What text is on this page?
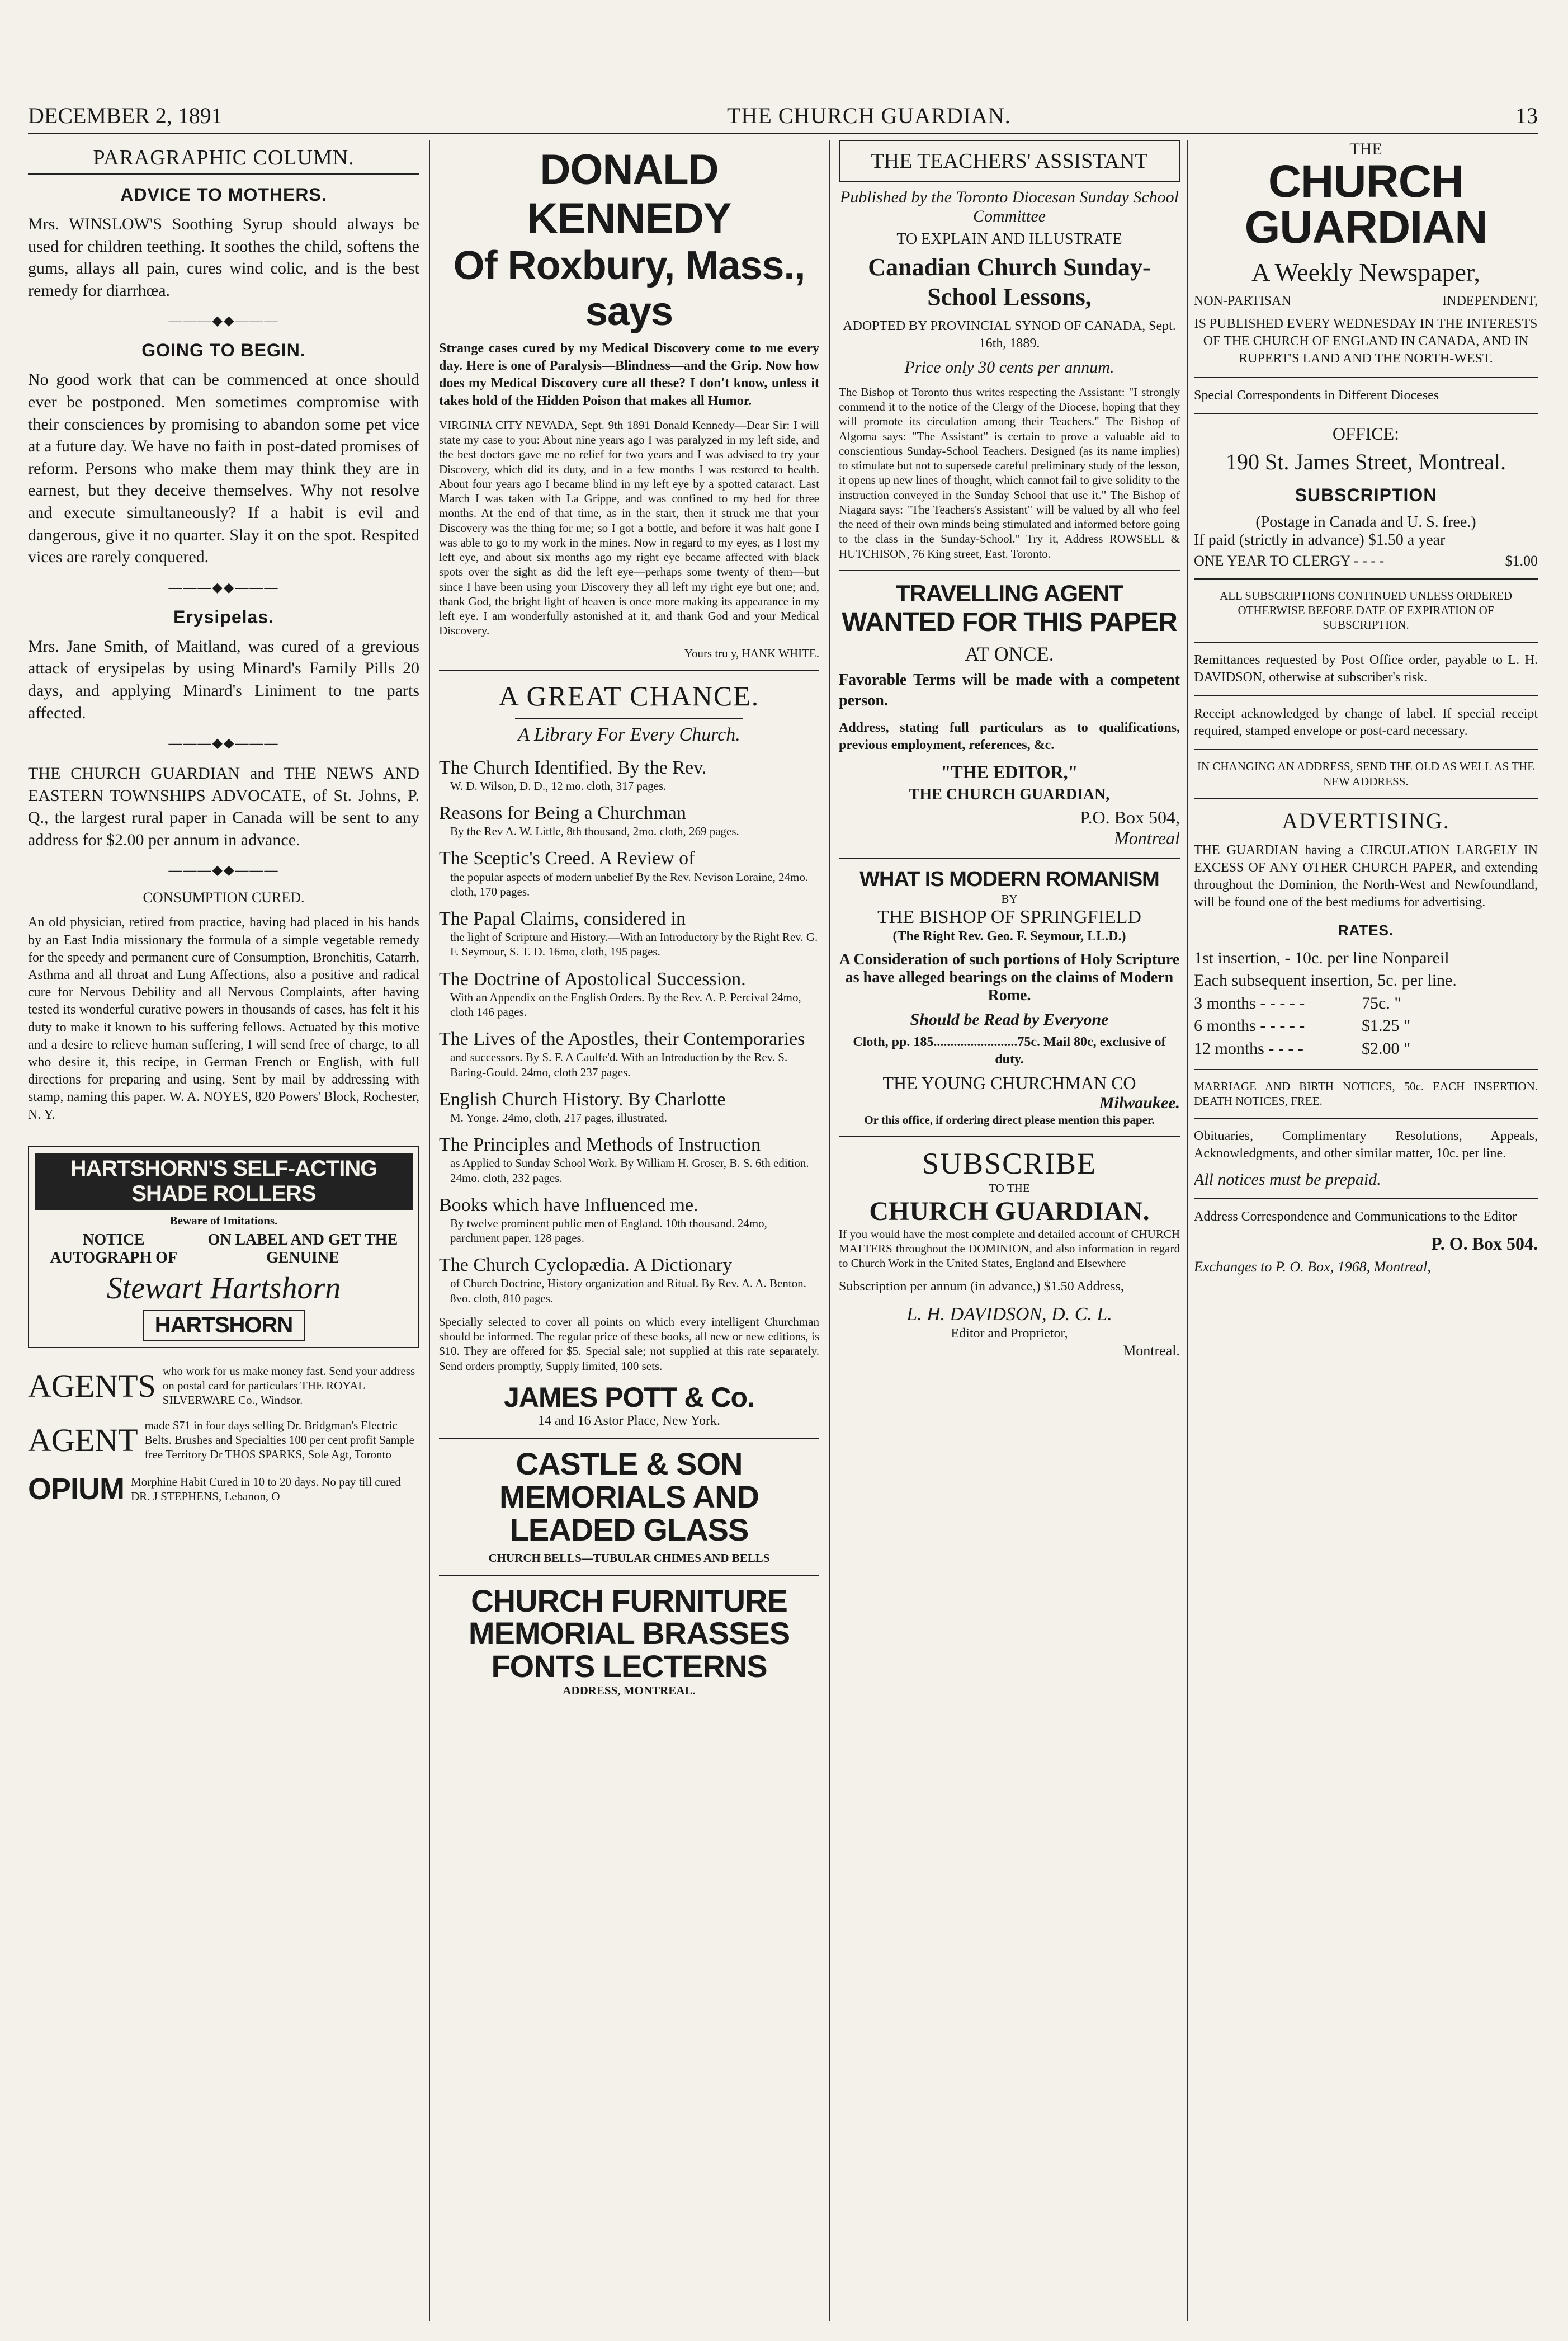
DECEMBER 2, 1891	THE CHURCH GUARDIAN.	13
PARAGRAPHIC COLUMN.
ADVICE TO MOTHERS.

Mrs. WINSLOW'S Soothing Syrup should always be used for children teething. It soothes the child, softens the gums, allays all pain, cures wind colic, and is the best remedy for diarrhœa.

———◆◆———
GOING TO BEGIN.

No good work that can be commenced at once should ever be postponed. Men sometimes compromise with their consciences by promising to abandon some pet vice at a future day. We have no faith in post-dated promises of reform. Persons who make them may think they are in earnest, but they deceive themselves. Why not resolve and execute simultaneously? If a habit is evil and dangerous, give it no quarter. Slay it on the spot. Respited vices are rarely conquered.

———◆◆———
Erysipelas.

Mrs. Jane Smith, of Maitland, was cured of a grevious attack of erysipelas by using Minard's Family Pills 20 days, and applying Minard's Liniment to tne parts affected.

———◆◆———

THE CHURCH GUARDIAN and THE NEWS AND EASTERN TOWNSHIPS ADVOCATE, of St. Johns, P. Q., the largest rural paper in Canada will be sent to any address for $2.00 per annum in advance.

———◆◆———
CONSUMPTION CURED.

An old physician, retired from practice, having had placed in his hands by an East India missionary the formula of a simple vegetable remedy for the speedy and permanent cure of Consumption, Bronchitis, Catarrh, Asthma and all throat and Lung Affections, also a positive and radical cure for Nervous Debility and all Nervous Complaints, after having tested its wonderful curative powers in thousands of cases, has felt it his duty to make it known to his suffering fellows. Actuated by this motive and a desire to relieve human suffering, I will send free of charge, to all who desire it, this recipe, in German French or English, with full directions for preparing and using. Sent by mail by addressing with stamp, naming this paper. W. A. NOYES, 820 Powers' Block, Rochester, N. Y.

HARTSHORN'S SELF-ACTING SHADE ROLLERS
Beware of Imitations.
NOTICE AUTOGRAPH OF
ON LABEL AND GET THE GENUINE
Stewart Hartshorn
HARTSHORN
AGENTS who work for us make money fast. Send your address on postal card for particulars THE ROYAL SILVERWARE Co., Windsor.
AGENT made $71 in four days selling Dr. Bridgman's Electric Belts. Brushes and Specialties 100 per cent profit Sample free Territory Dr THOS SPARKS, Sole Agt, Toronto
OPIUM Morphine Habit Cured in 10 to 20 days. No pay till cured DR. J STEPHENS, Lebanon, O
DONALD KENNEDY
Of Roxbury, Mass., says

Strange cases cured by my Medical Discovery come to me every day. Here is one of Paralysis—Blindness—and the Grip. Now how does my Medical Discovery cure all these? I don't know, unless it takes hold of the Hidden Poison that makes all Humor.

VIRGINIA CITY NEVADA, Sept. 9th 1891 Donald Kennedy—Dear Sir: I will state my case to you: About nine years ago I was paralyzed in my left side, and the best doctors gave me no relief for two years and I was advised to try your Discovery, which did its duty, and in a few months I was restored to health. About four years ago I became blind in my left eye by a spotted cataract. Last March I was taken with La Grippe, and was confined to my bed for three months. At the end of that time, as in the start, then it struck me that your Discovery was the thing for me; so I got a bottle, and before it was half gone I was able to go to my work in the mines. Now in regard to my eyes, as I lost my left eye, and about six months ago my right eye became affected with black spots over the sight as did the left eye—perhaps some twenty of them—but since I have been using your Discovery they all left my right eye but one; and, thank God, the bright light of heaven is once more making its appearance in my left eye. I am wonderfully astonished at it, and thank God and your Medical Discovery.

Yours tru y, HANK WHITE.
A GREAT CHANCE.
A Library For Every Church.
The Church Identified. By the Rev.
W. D. Wilson, D. D., 12 mo. cloth, 317 pages.
Reasons for Being a Churchman
By the Rev A. W. Little, 8th thousand, 2mo. cloth, 269 pages.
The Sceptic's Creed. A Review of
the popular aspects of modern unbelief By the Rev. Nevison Loraine, 24mo. cloth, 170 pages.
The Papal Claims, considered in
the light of Scripture and History.—With an Introductory by the Right Rev. G. F. Seymour, S. T. D. 16mo, cloth, 195 pages.
The Doctrine of Apostolical Succession.
With an Appendix on the English Orders. By the Rev. A. P. Percival 24mo, cloth 146 pages.
The Lives of the Apostles, their Contemporaries
and successors. By S. F. A Caulfe'd. With an Introduction by the Rev. S. Baring-Gould. 24mo, cloth 237 pages.
English Church History. By Charlotte
M. Yonge. 24mo, cloth, 217 pages, illustrated.
The Principles and Methods of Instruction
as Applied to Sunday School Work. By William H. Groser, B. S. 6th edition. 24mo. cloth, 232 pages.
Books which have Influenced me.
By twelve prominent public men of England. 10th thousand. 24mo, parchment paper, 128 pages.
The Church Cyclopædia. A Dictionary
of Church Doctrine, History organization and Ritual. By Rev. A. A. Benton. 8vo. cloth, 810 pages.

Specially selected to cover all points on which every intelligent Churchman should be informed. The regular price of these books, all new or new editions, is $10. They are offered for $5. Special sale; not supplied at this rate separately. Send orders promptly, Supply limited, 100 sets.

JAMES POTT & Co.
14 and 16 Astor Place, New York.
CASTLE & SON MEMORIALS AND LEADED GLASS
CHURCH BELLS—TUBULAR CHIMES AND BELLS
CHURCH FURNITURE MEMORIAL BRASSES FONTS LECTERNS
ADDRESS, MONTREAL.
THE TEACHERS' ASSISTANT
Published by the Toronto Diocesan Sunday School Committee
TO EXPLAIN AND ILLUSTRATE
Canadian Church Sunday-School Lessons,
ADOPTED BY PROVINCIAL SYNOD OF CANADA, Sept. 16th, 1889.
Price only 30 cents per annum.

The Bishop of Toronto thus writes respecting the Assistant: "I strongly commend it to the notice of the Clergy of the Diocese, hoping that they will promote its circulation among their Teachers." The Bishop of Algoma says: "The Assistant" is certain to prove a valuable aid to conscientious Sunday-School Teachers. Designed (as its name implies) to stimulate but not to supersede careful preliminary study of the lesson, it opens up new lines of thought, which cannot fail to give solidity to the instruction conveyed in the Sunday School that use it." The Bishop of Niagara says: "The Teachers's Assistant" will be valued by all who feel the need of their own minds being stimulated and informed before going to the class in the Sunday-School." Try it, Address ROWSELL & HUTCHISON, 76 King street, East. Toronto.

TRAVELLING AGENT
WANTED FOR THIS PAPER
AT ONCE.

Favorable Terms will be made with a competent person.

Address, stating full particulars as to qualifications, previous employment, references, &c.

"THE EDITOR,"
THE CHURCH GUARDIAN,
P.O. Box 504,
Montreal
WHAT IS MODERN ROMANISM
BY
THE BISHOP OF SPRINGFIELD
(The Right Rev. Geo. F. Seymour, LL.D.)
A Consideration of such portions of Holy Scripture as have alleged bearings on the claims of Modern Rome.
Should be Read by Everyone
Cloth, pp. 185.........................75c. Mail 80c, exclusive of duty.
THE YOUNG CHURCHMAN CO
Milwaukee.
Or this office, if ordering direct please mention this paper.
SUBSCRIBE
TO THE
CHURCH GUARDIAN.

If you would have the most complete and detailed account of CHURCH MATTERS throughout the DOMINION, and also information in regard to Church Work in the United States, England and Elsewhere

Subscription per annum (in advance,) $1.50 Address,

L. H. DAVIDSON, D. C. L.
Editor and Proprietor,
Montreal.
THE
CHURCH GUARDIAN
A Weekly Newspaper,
NON-PARTISAN	INDEPENDENT,

IS PUBLISHED EVERY WEDNESDAY IN THE INTERESTS OF THE CHURCH OF ENGLAND IN CANADA, AND IN RUPERT'S LAND AND THE NORTH-WEST.

Special Correspondents in Different Dioceses

OFFICE:
190 St. James Street, Montreal.
SUBSCRIPTION
(Postage in Canada and U. S. free.)
If paid (strictly in advance) $1.50 a year
ONE YEAR TO CLERGY - - - -	$1.00

ALL SUBSCRIPTIONS CONTINUED UNLESS ORDERED OTHERWISE BEFORE DATE OF EXPIRATION OF SUBSCRIPTION.

Remittances requested by Post Office order, payable to L. H. DAVIDSON, otherwise at subscriber's risk.

Receipt acknowledged by change of label. If special receipt required, stamped envelope or post-card necessary.

IN CHANGING AN ADDRESS, SEND THE OLD AS WELL AS THE NEW ADDRESS.

ADVERTISING.

THE GUARDIAN having a CIRCULATION LARGELY IN EXCESS OF ANY OTHER CHURCH PAPER, and extending throughout the Dominion, the North-West and Newfoundland, will be found one of the best mediums for advertising.

RATES.
1st insertion, - 10c. per line Nonpareil
Each subsequent insertion, 5c. per line.
3 months - - - - -	75c. "
6 months - - - - -	$1.25 "
12 months - - - -	$2.00 "

MARRIAGE AND BIRTH NOTICES, 50c. EACH INSERTION. DEATH NOTICES, FREE.

Obituaries, Complimentary Resolutions, Appeals, Acknowledgments, and other similar matter, 10c. per line.

All notices must be prepaid.

Address Correspondence and Communications to the Editor

P. O. Box 504.
Exchanges to P. O. Box, 1968, Montreal,
